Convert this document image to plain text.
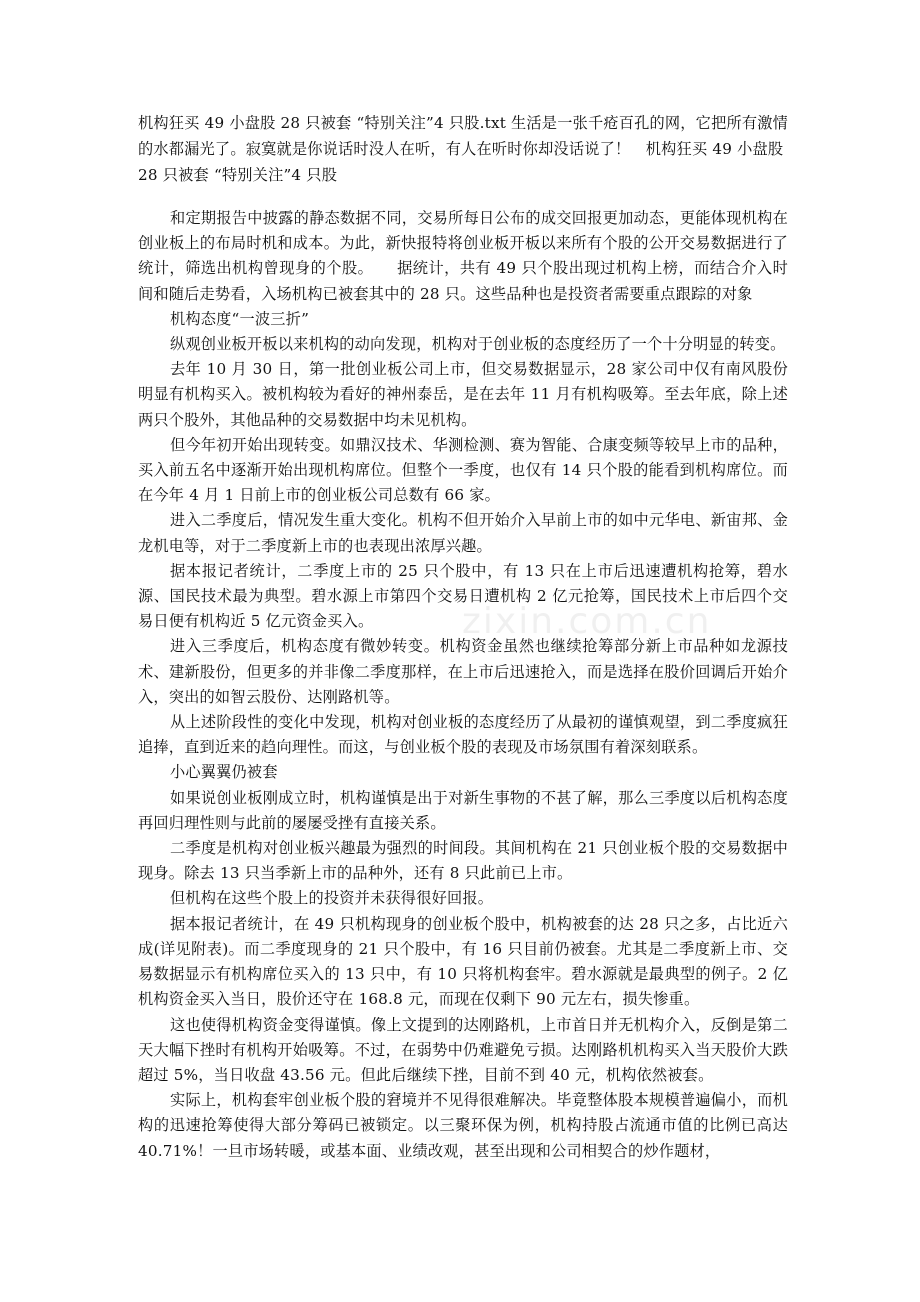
机构狂买 49 小盘股 28 只被套 “特别关注”4 只股.txt 生活是一张千疮百孔的网，它把所有激情的水都漏光了。寂寞就是你说话时没人在听，有人在听时你却没话说了！　机构狂买 49 小盘股 28 只被套 “特别关注”4 只股

和定期报告中披露的静态数据不同，交易所每日公布的成交回报更加动态，更能体现机构在创业板上的布局时机和成本。为此，新快报特将创业板开板以来所有个股的公开交易数据进行了统计，筛选出机构曾现身的个股。　　据统计，共有 49 只个股出现过机构上榜，而结合介入时间和随后走势看，入场机构已被套其中的 28 只。这些品种也是投资者需要重点跟踪的对象

机构态度“一波三折”

纵观创业板开板以来机构的动向发现，机构对于创业板的态度经历了一个十分明显的转变。

去年 10 月 30 日，第一批创业板公司上市，但交易数据显示，28 家公司中仅有南风股份明显有机构买入。被机构较为看好的神州泰岳，是在去年 11 月有机构吸筹。至去年底，除上述两只个股外，其他品种的交易数据中均未见机构。

但今年初开始出现转变。如鼎汉技术、华测检测、赛为智能、合康变频等较早上市的品种，买入前五名中逐渐开始出现机构席位。但整个一季度，也仅有 14 只个股的能看到机构席位。而在今年 4 月 1 日前上市的创业板公司总数有 66 家。

进入二季度后，情况发生重大变化。机构不但开始介入早前上市的如中元华电、新宙邦、金龙机电等，对于二季度新上市的也表现出浓厚兴趣。

据本报记者统计，二季度上市的 25 只个股中，有 13 只在上市后迅速遭机构抢筹，碧水源、国民技术最为典型。碧水源上市第四个交易日遭机构 2 亿元抢筹，国民技术上市后四个交易日便有机构近 5 亿元资金买入。

进入三季度后，机构态度有微妙转变。机构资金虽然也继续抢筹部分新上市品种如龙源技术、建新股份，但更多的并非像二季度那样，在上市后迅速抢入，而是选择在股价回调后开始介入，突出的如智云股份、达刚路机等。

从上述阶段性的变化中发现，机构对创业板的态度经历了从最初的谨慎观望，到二季度疯狂追捧，直到近来的趋向理性。而这，与创业板个股的表现及市场氛围有着深刻联系。

小心翼翼仍被套

如果说创业板刚成立时，机构谨慎是出于对新生事物的不甚了解，那么三季度以后机构态度再回归理性则与此前的屡屡受挫有直接关系。

二季度是机构对创业板兴趣最为强烈的时间段。其间机构在 21 只创业板个股的交易数据中现身。除去 13 只当季新上市的品种外，还有 8 只此前已上市。

但机构在这些个股上的投资并未获得很好回报。

据本报记者统计，在 49 只机构现身的创业板个股中，机构被套的达 28 只之多，占比近六成(详见附表)。而二季度现身的 21 只个股中，有 16 只目前仍被套。尤其是二季度新上市、交易数据显示有机构席位买入的 13 只中，有 10 只将机构套牢。碧水源就是最典型的例子。2 亿机构资金买入当日，股价还守在 168.8 元，而现在仅剩下 90 元左右，损失惨重。

这也使得机构资金变得谨慎。像上文提到的达刚路机，上市首日并无机构介入，反倒是第二天大幅下挫时有机构开始吸筹。不过，在弱势中仍难避免亏损。达刚路机机构买入当天股价大跌超过 5%，当日收盘 43.56 元。但此后继续下挫，目前不到 40 元，机构依然被套。

实际上，机构套牢创业板个股的窘境并不见得很难解决。毕竟整体股本规模普遍偏小，而机构的迅速抢筹使得大部分筹码已被锁定。以三聚环保为例，机构持股占流通市值的比例已高达 40.71%！一旦市场转暖，或基本面、业绩改观，甚至出现和公司相契合的炒作题材，

zixin.com.cn
